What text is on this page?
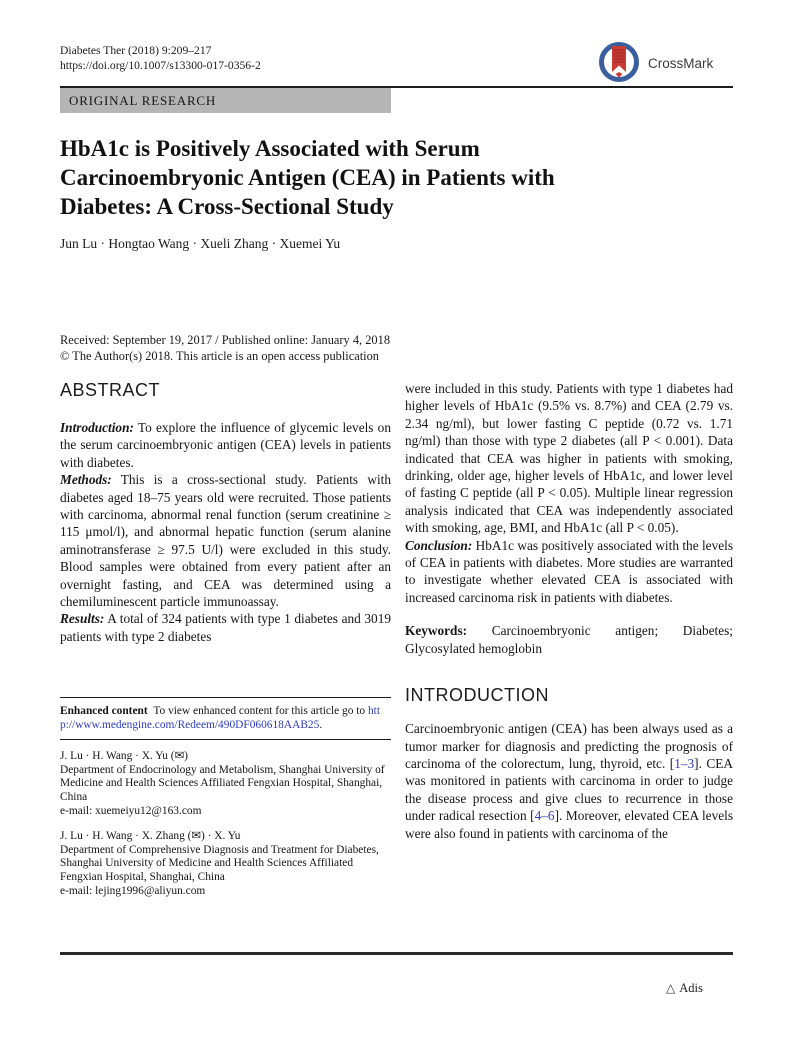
Diabetes Ther (2018) 9:209–217
https://doi.org/10.1007/s13300-017-0356-2	CrossMark
ORIGINAL RESEARCH
HbA1c is Positively Associated with Serum Carcinoembryonic Antigen (CEA) in Patients with Diabetes: A Cross-Sectional Study
Jun Lu · Hongtao Wang · Xueli Zhang · Xuemei Yu
Received: September 19, 2017 / Published online: January 4, 2018
© The Author(s) 2018. This article is an open access publication
ABSTRACT

Introduction: To explore the influence of glycemic levels on the serum carcinoembryonic antigen (CEA) levels in patients with diabetes.

Methods: This is a cross-sectional study. Patients with diabetes aged 18–75 years old were recruited. Those patients with carcinoma, abnormal renal function (serum creatinine ≥ 115 μmol/l), and abnormal hepatic function (serum alanine aminotransferase ≥ 97.5 U/l) were excluded in this study. Blood samples were obtained from every patient after an overnight fasting, and CEA was determined using a chemiluminescent particle immunoassay.

Results: A total of 324 patients with type 1 diabetes and 3019 patients with type 2 diabetes

Enhanced content To view enhanced content for this article go to http://www.medengine.com/Redeem/490DF060618AAB25.

J. Lu · H. Wang · X. Yu (✉)
Department of Endocrinology and Metabolism, Shanghai University of Medicine and Health Sciences Affiliated Fengxian Hospital, Shanghai, China
e-mail: xuemeiyu12@163.com
J. Lu · H. Wang · X. Zhang (✉) · X. Yu
Department of Comprehensive Diagnosis and Treatment for Diabetes, Shanghai University of Medicine and Health Sciences Affiliated Fengxian Hospital, Shanghai, China
e-mail: lejing1996@aliyun.com

were included in this study. Patients with type 1 diabetes had higher levels of HbA1c (9.5% vs. 8.7%) and CEA (2.79 vs. 2.34 ng/ml), but lower fasting C peptide (0.72 vs. 1.71 ng/ml) than those with type 2 diabetes (all P < 0.001). Data indicated that CEA was higher in patients with smoking, drinking, older age, higher levels of HbA1c, and lower level of fasting C peptide (all P < 0.05). Multiple linear regression analysis indicated that CEA was independently associated with smoking, age, BMI, and HbA1c (all P < 0.05).

Conclusion: HbA1c was positively associated with the levels of CEA in patients with diabetes. More studies are warranted to investigate whether elevated CEA is associated with increased carcinoma risk in patients with diabetes.

Keywords: Carcinoembryonic antigen; Diabetes; Glycosylated hemoglobin

INTRODUCTION

Carcinoembryonic antigen (CEA) has been always used as a tumor marker for diagnosis and predicting the prognosis of carcinoma of the colorectum, lung, thyroid, etc. [1–3]. CEA was monitored in patients with carcinoma in order to judge the disease process and give clues to recurrence in those under radical resection [4–6]. Moreover, elevated CEA levels were also found in patients with carcinoma of the

△ Adis
